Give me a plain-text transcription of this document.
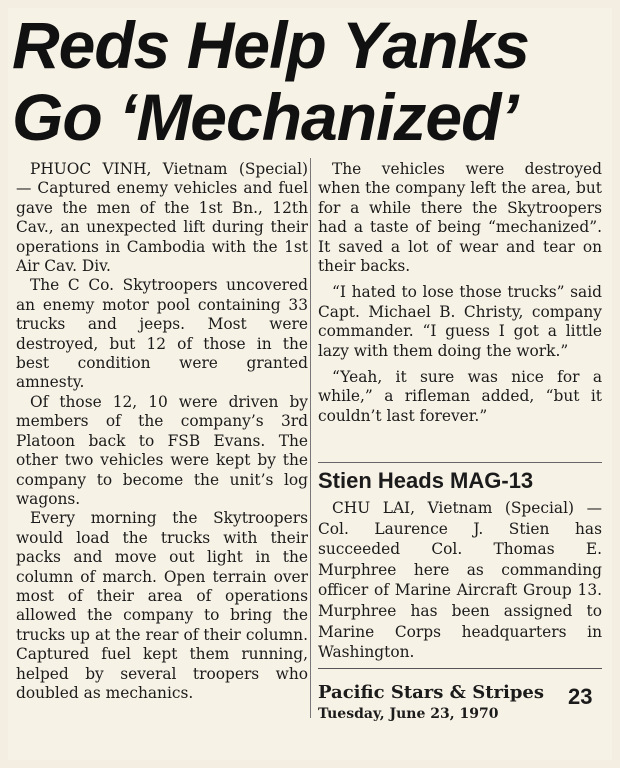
Reds Help Yanks
Go ‘Mechanized’

PHUOC VINH, Vietnam (Special) — Captured enemy vehicles and fuel gave the men of the 1st Bn., 12th Cav., an unexpected lift during their operations in Cambodia with the 1st Air Cav. Div.

The C Co. Skytroopers uncovered an enemy motor pool containing 33 trucks and jeeps. Most were destroyed, but 12 of those in the best condition were granted amnesty.

Of those 12, 10 were driven by members of the company’s 3rd Platoon back to FSB Evans. The other two vehicles were kept by the company to become the unit’s log wagons.

Every morning the Skytroopers would load the trucks with their packs and move out light in the column of march. Open terrain over most of their area of operations allowed the company to bring the trucks up at the rear of their column. Captured fuel kept them running, helped by several troopers who doubled as mechanics.

The vehicles were destroyed when the company left the area, but for a while there the Skytroopers had a taste of being “mechanized”. It saved a lot of wear and tear on their backs.

“I hated to lose those trucks” said Capt. Michael B. Christy, company commander. “I guess I got a little lazy with them doing the work.”

“Yeah, it sure was nice for a while,” a rifleman added, “but it couldn’t last forever.”

Stien Heads MAG-13

CHU LAI, Vietnam (Special) — Col. Laurence J. Stien has succeeded Col. Thomas E. Murphree here as commanding officer of Marine Aircraft Group 13. Murphree has been assigned to Marine Corps headquarters in Washington.

Pacific Stars & Stripes 23
Tuesday, June 23, 1970
